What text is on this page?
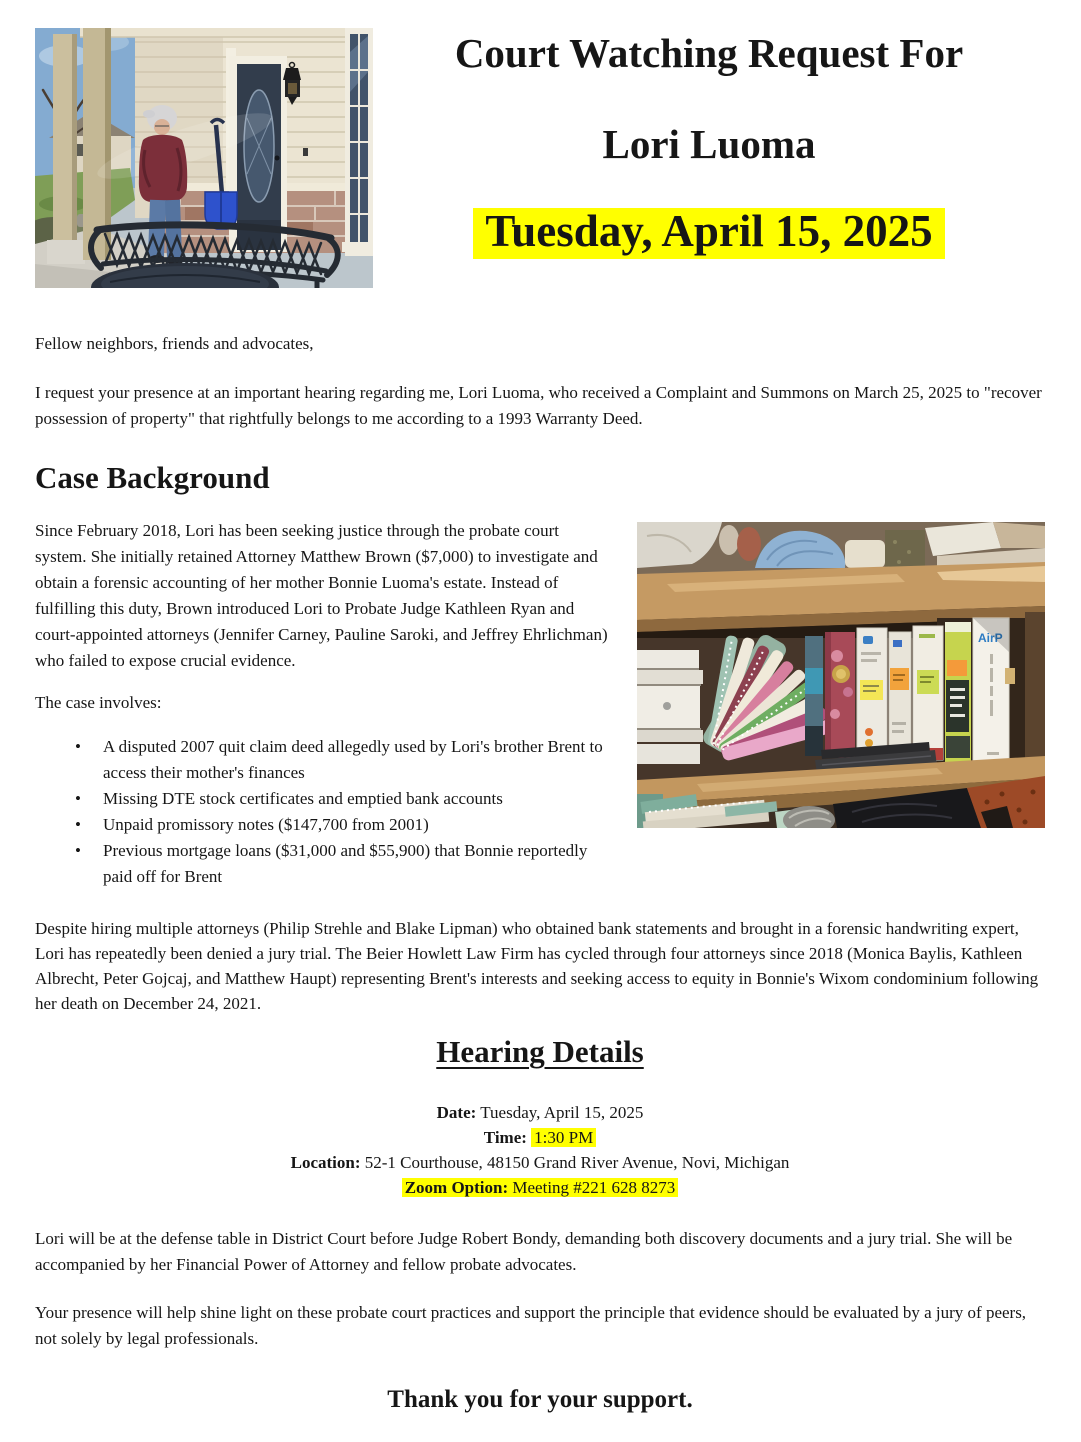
Court Watching Request For
Lori Luoma
Tuesday, April 15, 2025

Fellow neighbors, friends and advocates,

I request your presence at an important hearing regarding me, Lori Luoma, who received a Complaint and Summons on March 25, 2025 to "recover possession of property" that rightfully belongs to me according to a 1993 Warranty Deed.

Case Background
AirP

Since February 2018, Lori has been seeking justice through the probate court system. She initially retained Attorney Matthew Brown ($7,000) to investigate and obtain a forensic accounting of her mother Bonnie Luoma's estate. Instead of fulfilling this duty, Brown introduced Lori to Probate Judge Kathleen Ryan and court-appointed attorneys (Jennifer Carney, Pauline Saroki, and Jeffrey Ehrlichman) who failed to expose crucial evidence.

The case involves:

• A disputed 2007 quit claim deed allegedly used by Lori's brother Brent to access their mother's finances
• Missing DTE stock certificates and emptied bank accounts
• Unpaid promissory notes ($147,700 from 2001)
• Previous mortgage loans ($31,000 and $55,900) that Bonnie reportedly paid off for Brent

Despite hiring multiple attorneys (Philip Strehle and Blake Lipman) who obtained bank statements and brought in a forensic handwriting expert, Lori has repeatedly been denied a jury trial. The Beier Howlett Law Firm has cycled through four attorneys since 2018 (Monica Baylis, Kathleen Albrecht, Peter Gojcaj, and Matthew Haupt) representing Brent's interests and seeking access to equity in Bonnie's Wixom condominium following her death on December 24, 2021.

Hearing Details
Date: Tuesday, April 15, 2025
Time: 1:30 PM
Location: 52-1 Courthouse, 48150 Grand River Avenue, Novi, Michigan
Zoom Option: Meeting #221 628 8273

Lori will be at the defense table in District Court before Judge Robert Bondy, demanding both discovery documents and a jury trial. She will be accompanied by her Financial Power of Attorney and fellow probate advocates.

Your presence will help shine light on these probate court practices and support the principle that evidence should be evaluated by a jury of peers, not solely by legal professionals.

Thank you for your support.
